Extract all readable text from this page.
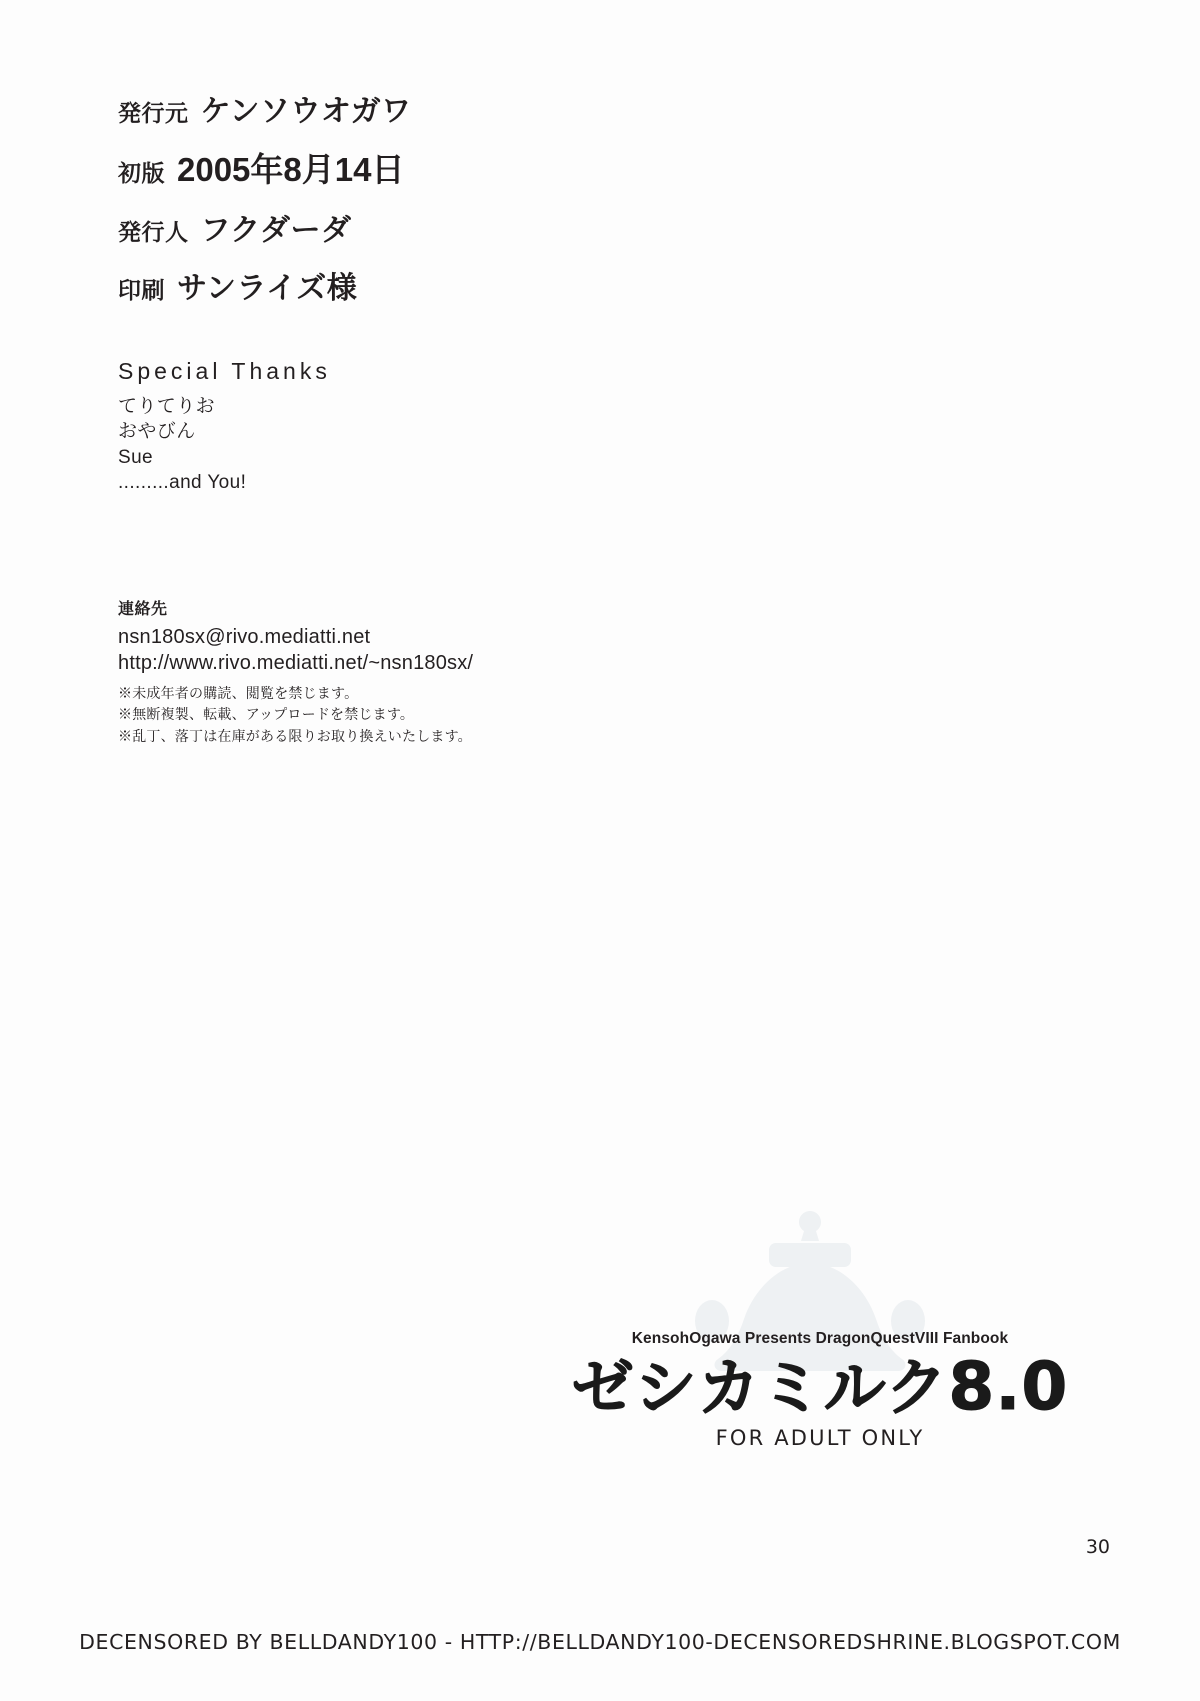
発行元 ケンソウオガワ
初版 2005年8月14日
発行人 フクダーダ
印刷 サンライズ様
Special Thanks
てりてりお
おやびん
Sue
.........and You!
連絡先
nsn180sx@rivo.mediatti.net
http://www.rivo.mediatti.net/~nsn180sx/
※未成年者の購読、閲覧を禁じます。
※無断複製、転載、アップロードを禁じます。
※乱丁、落丁は在庫がある限りお取り換えいたします。
KensohOgawa Presents DragonQuestVIII Fanbook
ゼシカミルク8.0
FOR ADULT ONLY
30
DECENSORED BY BELLDANDY100 - HTTP://BELLDANDY100-DECENSOREDSHRINE.BLOGSPOT.COM
